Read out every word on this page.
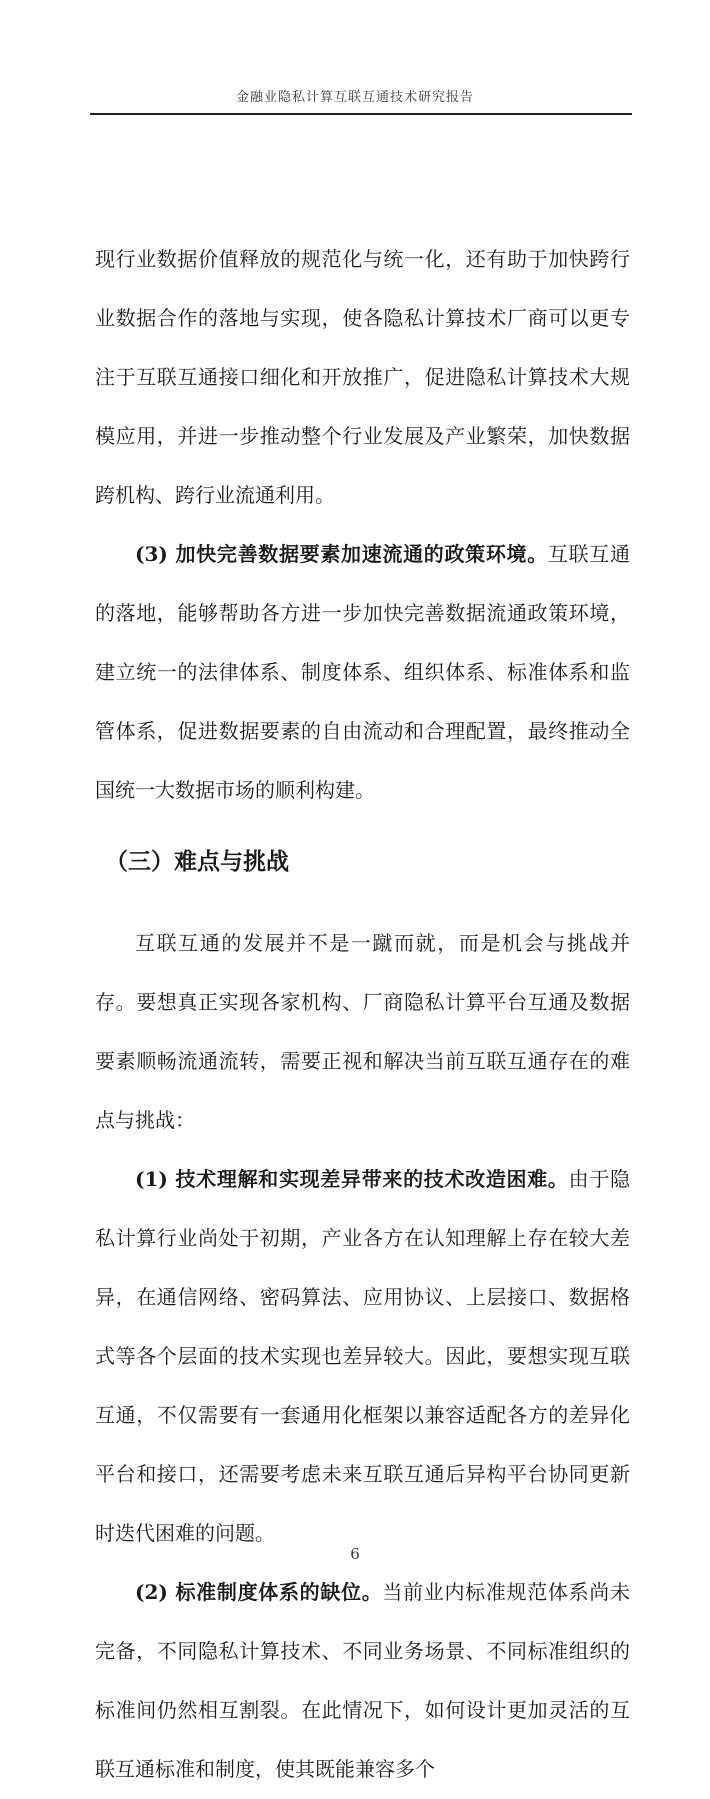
金融业隐私计算互联互通技术研究报告

现行业数据价值释放的规范化与统一化，还有助于加快跨行业数据合作的落地与实现，使各隐私计算技术厂商可以更专注于互联互通接口细化和开放推广，促进隐私计算技术大规模应用，并进一步推动整个行业发展及产业繁荣，加快数据跨机构、跨行业流通利用。

(3) 加快完善数据要素加速流通的政策环境。互联互通的落地，能够帮助各方进一步加快完善数据流通政策环境，建立统一的法律体系、制度体系、组织体系、标准体系和监管体系，促进数据要素的自由流动和合理配置，最终推动全国统一大数据市场的顺利构建。

（三）难点与挑战

互联互通的发展并不是一蹴而就，而是机会与挑战并存。要想真正实现各家机构、厂商隐私计算平台互通及数据要素顺畅流通流转，需要正视和解决当前互联互通存在的难点与挑战：

(1) 技术理解和实现差异带来的技术改造困难。由于隐私计算行业尚处于初期，产业各方在认知理解上存在较大差异，在通信网络、密码算法、应用协议、上层接口、数据格式等各个层面的技术实现也差异较大。因此，要想实现互联互通，不仅需要有一套通用化框架以兼容适配各方的差异化平台和接口，还需要考虑未来互联互通后异构平台协同更新时迭代困难的问题。

(2) 标准制度体系的缺位。当前业内标准规范体系尚未完备，不同隐私计算技术、不同业务场景、不同标准组织的标准间仍然相互割裂。在此情况下，如何设计更加灵活的互联互通标准和制度，使其既能兼容多个

6
